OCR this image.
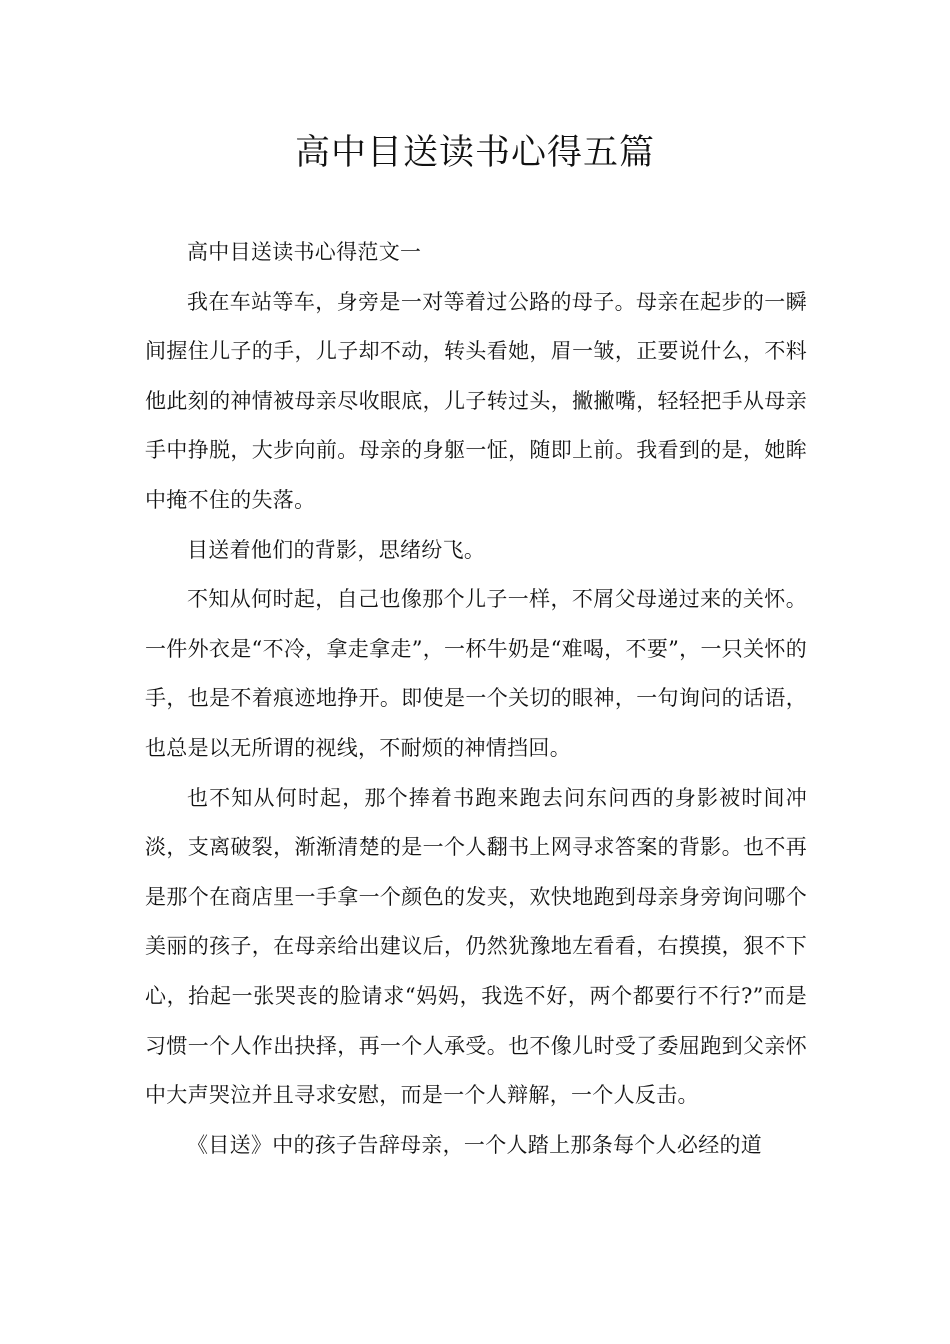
高中目送读书心得五篇

高中目送读书心得范文一

我在车站等车，身旁是一对等着过公路的母子。母亲在起步的一瞬间握住儿子的手，儿子却不动，转头看她，眉一皱，正要说什么，不料他此刻的神情被母亲尽收眼底，儿子转过头，撇撇嘴，轻轻把手从母亲手中挣脱，大步向前。母亲的身躯一怔，随即上前。我看到的是，她眸中掩不住的失落。

目送着他们的背影，思绪纷飞。

不知从何时起，自己也像那个儿子一样，不屑父母递过来的关怀。一件外衣是“不冷，拿走拿走”，一杯牛奶是“难喝，不要”，一只关怀的手，也是不着痕迹地挣开。即使是一个关切的眼神，一句询问的话语，也总是以无所谓的视线，不耐烦的神情挡回。

也不知从何时起，那个捧着书跑来跑去问东问西的身影被时间冲淡，支离破裂，渐渐清楚的是一个人翻书上网寻求答案的背影。也不再是那个在商店里一手拿一个颜色的发夹，欢快地跑到母亲身旁询问哪个美丽的孩子，在母亲给出建议后，仍然犹豫地左看看，右摸摸，狠不下心，抬起一张哭丧的脸请求“妈妈，我选不好，两个都要行不行?”而是习惯一个人作出抉择，再一个人承受。也不像儿时受了委屈跑到父亲怀中大声哭泣并且寻求安慰，而是一个人辩解，一个人反击。

《目送》中的孩子告辞母亲，一个人踏上那条每个人必经的道
